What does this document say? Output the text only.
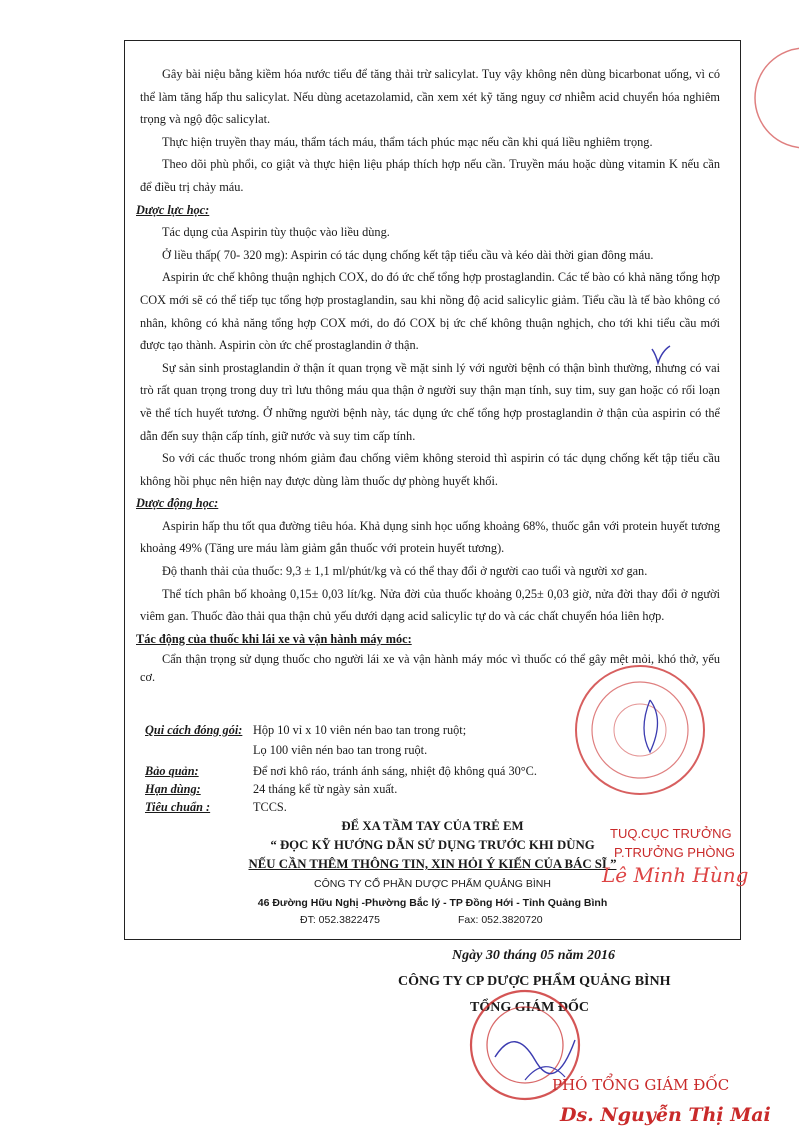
Gây bài niệu bằng kiềm hóa nước tiểu để tăng thải trừ salicylat. Tuy vậy không nên dùng bicarbonat uống, vì có thể làm tăng hấp thu salicylat. Nếu dùng acetazolamid, cần xem xét kỹ tăng nguy cơ nhiễm acid chuyển hóa nghiêm trọng và ngộ độc salicylat.

Thực hiện truyền thay máu, thẩm tách máu, thẩm tách phúc mạc nếu cần khi quá liều nghiêm trọng.

Theo dõi phù phổi, co giật và thực hiện liệu pháp thích hợp nếu cần. Truyền máu hoặc dùng vitamin K nếu cần để điều trị chảy máu.

Dược lực học:

Tác dụng của Aspirin tùy thuộc vào liều dùng.

Ở liều thấp( 70- 320 mg): Aspirin có tác dụng chống kết tập tiểu cầu và kéo dài thời gian đông máu.

Aspirin ức chế không thuận nghịch COX, do đó ức chế tổng hợp prostaglandin. Các tế bào có khả năng tổng hợp COX mới sẽ có thể tiếp tục tổng hợp prostaglandin, sau khi nồng độ acid salicylic giảm. Tiểu cầu là tế bào không có nhân, không có khả năng tổng hợp COX mới, do đó COX bị ức chế không thuận nghịch, cho tới khi tiểu cầu mới được tạo thành. Aspirin còn ức chế prostaglandin ở thận.

Sự sản sinh prostaglandin ở thận ít quan trọng về mặt sinh lý với người bệnh có thận bình thường, nhưng có vai trò rất quan trọng trong duy trì lưu thông máu qua thận ở người suy thận mạn tính, suy tim, suy gan hoặc có rối loạn về thể tích huyết tương. Ở những người bệnh này, tác dụng ức chế tổng hợp prostaglandin ở thận của aspirin có thể dẫn đến suy thận cấp tính, giữ nước và suy tim cấp tính.

So với các thuốc trong nhóm giảm đau chống viêm không steroid thì aspirin có tác dụng chống kết tập tiểu cầu không hồi phục nên hiện nay được dùng làm thuốc dự phòng huyết khối.

Dược động học:

Aspirin hấp thu tốt qua đường tiêu hóa. Khả dụng sinh học uống khoảng 68%, thuốc gắn với protein huyết tương khoảng 49% (Tăng ure máu làm giảm gắn thuốc với protein huyết tương).

Độ thanh thải của thuốc: 9,3 ± 1,1 ml/phút/kg và có thể thay đổi ở người cao tuổi và người xơ gan.

Thể tích phân bố khoảng 0,15± 0,03 lít/kg. Nửa đời của thuốc khoảng 0,25± 0,03 giờ, nửa đời thay đổi ở người viêm gan. Thuốc đào thải qua thận chủ yếu dưới dạng acid salicylic tự do và các chất chuyển hóa liên hợp.

Tác động của thuốc khi lái xe và vận hành máy móc:

Cẩn thận trọng sử dụng thuốc cho người lái xe và vận hành máy móc vì thuốc có thể gây mệt mỏi, khó thở, yếu cơ.

Qui cách đóng gói: Hộp 10 vỉ x 10 viên nén bao tan trong ruột;
Lọ 100 viên nén bao tan trong ruột.
Bảo quản:	Để nơi khô ráo, tránh ánh sáng, nhiệt độ không quá 30°C.
Hạn dùng:	24 tháng kể từ ngày sản xuất.
Tiêu chuẩn :	TCCS.
ĐỂ XA TẦM TAY CỦA TRẺ EM
“ ĐỌC KỸ HƯỚNG DẪN SỬ DỤNG TRƯỚC KHI DÙNG
NẾU CẦN THÊM THÔNG TIN, XIN HỎI Ý KIẾN CỦA BÁC SĨ ”
CÔNG TY CỔ PHẦN DƯỢC PHẨM QUẢNG BÌNH
46 Đường Hữu Nghị -Phường Bắc lý - TP Đồng Hới - Tỉnh Quảng Bình
ĐT: 052.3822475	Fax: 052.3820720
TUQ.CỤC TRƯỞNG
P.TRƯỞNG PHÒNG
Lê Minh Hùng
Ngày 30 tháng 05 năm 2016
CÔNG TY CP DƯỢC PHẨM QUẢNG BÌNH
TỔNG GIÁM ĐỐC
PHÓ TỔNG GIÁM ĐỐC
Ds. Nguyễn Thị Mai
